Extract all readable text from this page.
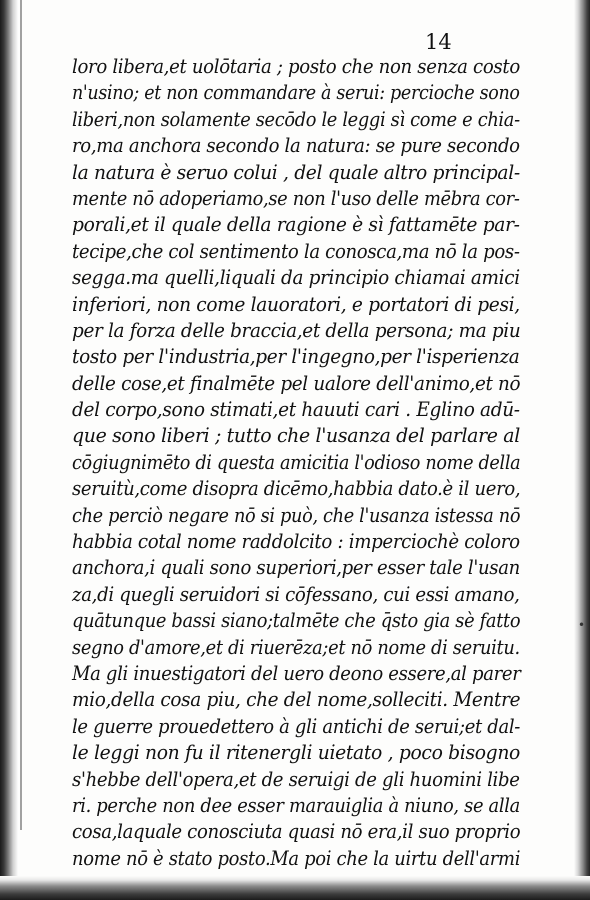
14
•
loro libera,et uolōtaria ; posto che non senza costo
n'usino; et non commandare à serui: percioche sono
liberi,non solamente secōdo le leggi sì come e chia-
ro,ma anchora secondo la natura: se pure secondo
la natura è seruo colui , del quale altro principal-
mente nō adoperiamo,se non l'uso delle mēbra cor-
porali,et il quale della ragione è sì fattamēte par-
tecipe,che col sentimento la conosca,ma nō la pos-
segga.ma quelli,liquali da principio chiamai amici
inferiori, non come lauoratori, e portatori di pesi,
per la forza delle braccia,et della persona; ma piu
tosto per l'industria,per l'ingegno,per l'isperienza
delle cose,et finalmēte pel ualore dell'animo,et nō
del corpo,sono stimati,et hauuti cari . Eglino adū-
que sono liberi ; tutto che l'usanza del parlare al
cōgiugnimēto di questa amicitia l'odioso nome della
seruitù,come disopra dicēmo,habbia dato.è il uero,
che perciò negare nō si può, che l'usanza istessa nō
habbia cotal nome raddolcito : imperciochè coloro
anchora,i quali sono superiori,per esser tale l'usan
za,di quegli seruidori si cōfessano, cui essi amano,
quātunque bassi siano;talmēte che q̄sto gia sè fatto
segno d'amore,et di riuerēza;et nō nome di seruitu.
Ma gli inuestigatori del uero deono essere,al parer
mio,della cosa piu, che del nome,solleciti. Mentre
le guerre prouedettero à gli antichi de serui;et dal-
le leggi non fu il ritenergli uietato , poco bisogno
s'hebbe dell'opera,et de seruigi de gli huomini libe
ri. perche non dee esser marauiglia à niuno, se alla
cosa,laquale conosciuta quasi nō era,il suo proprio
nome nō è stato posto.Ma poi che la uirtu dell'armi
